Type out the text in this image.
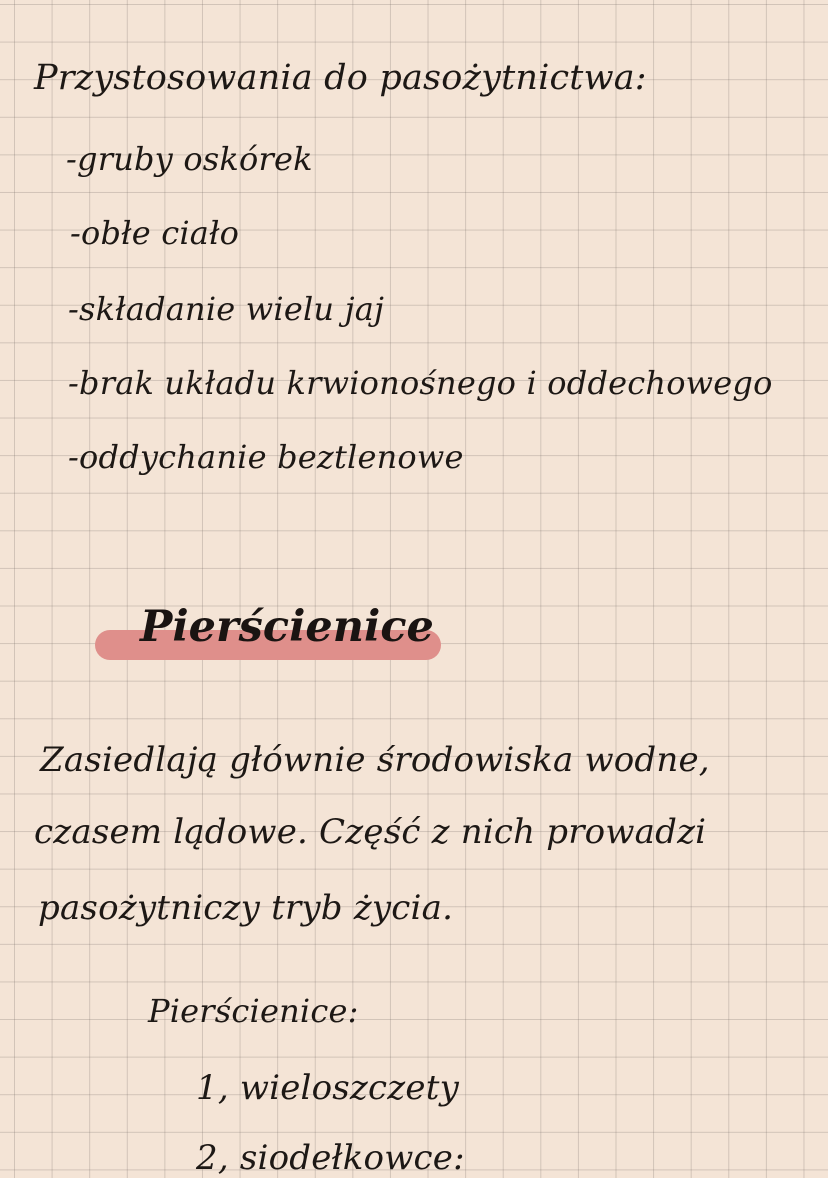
Przystosowania do pasożytnictwa:
-gruby oskórek
-obłe ciało
-składanie wielu jaj
-brak układu krwionośnego i oddechowego
-oddychanie beztlenowe
Pierścienice
Zasiedlają głównie środowiska wodne,
czasem lądowe. Część z nich prowadzi
pasożytniczy tryb życia.
Pierścienice:
1, wieloszczety
2, siodełkowce:
